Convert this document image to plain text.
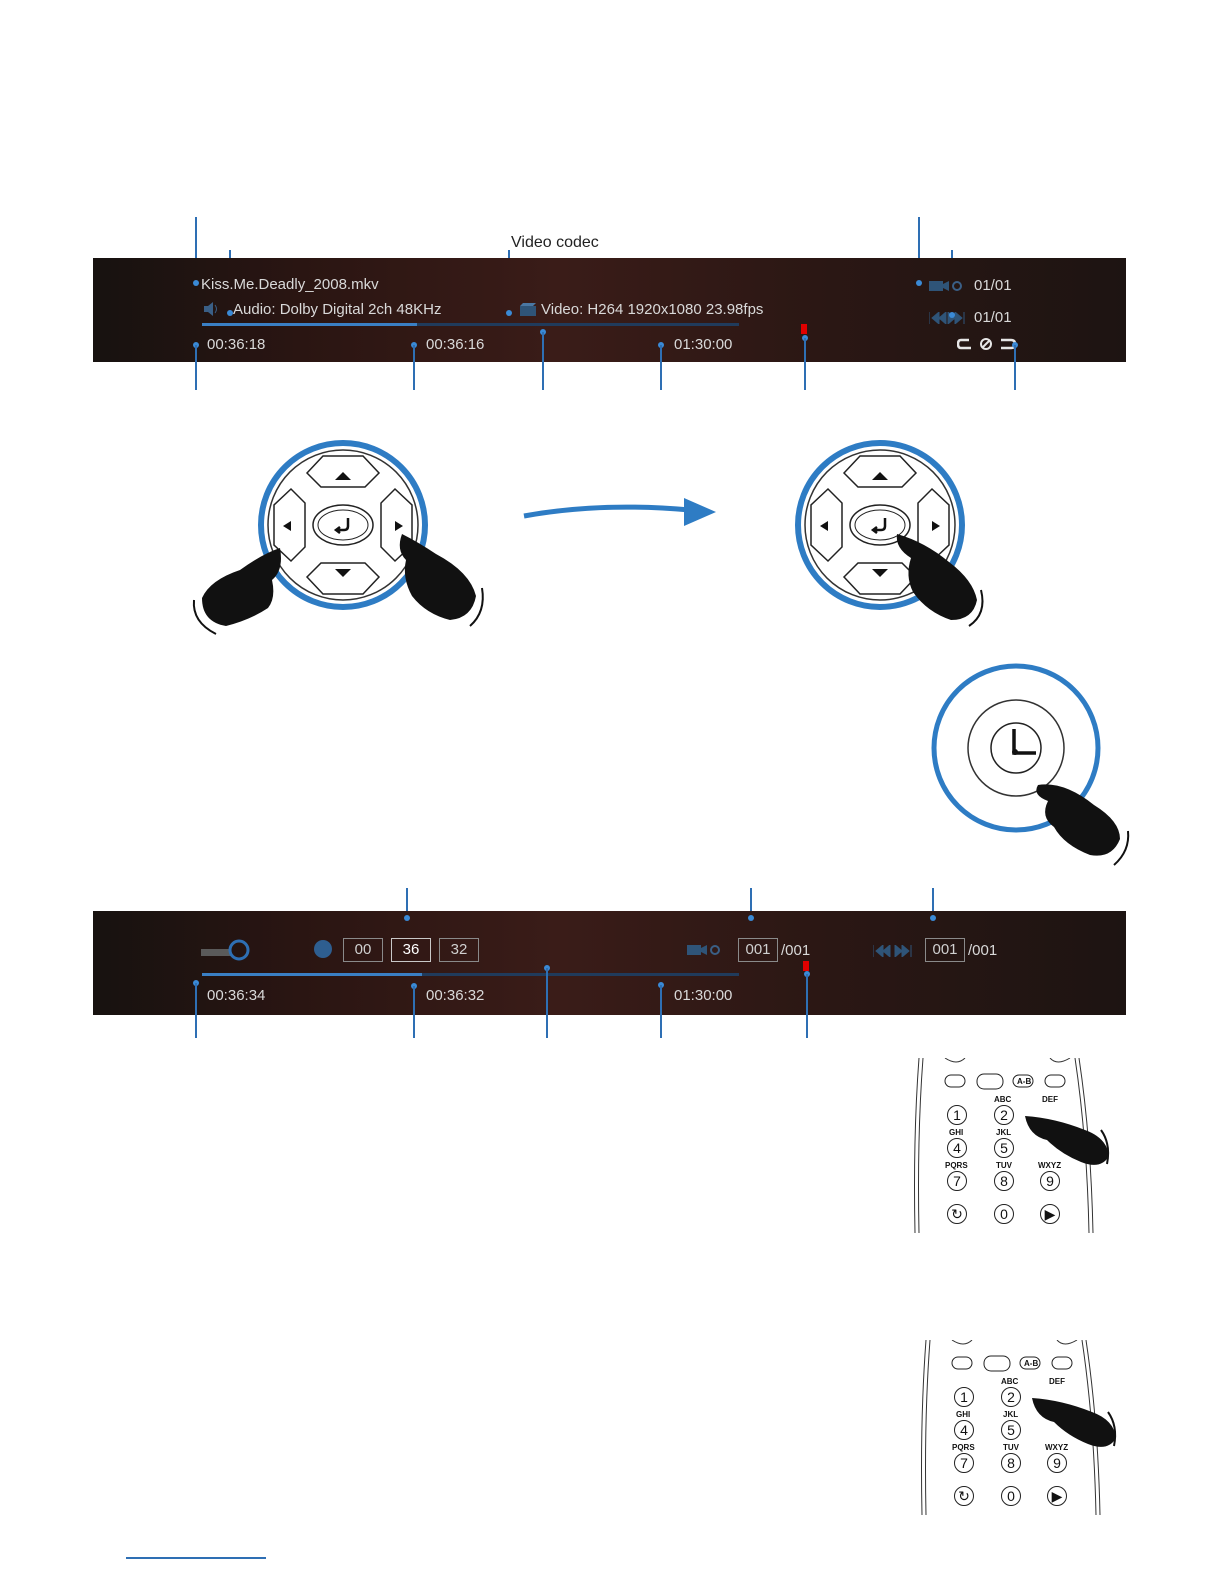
Video codec
Kiss.Me.Deadly_2008.mkv
Audio: Dolby Digital 2ch 48KHz	Video: H264 1920x1080 23.98fps
00:36:18	00:36:16	01:30:00
01/01
01/01
00	36	32	001 /001	001 /001
00:36:34	00:36:32	01:30:00
A-B
1	2
4	5
7	8	9
0
↻	▶
ABC	DEF
GHI	JKL
PQRS	TUV	WXYZ
A-B
1	2
4	5
7	8	9
0
↻	▶
ABC	DEF
GHI	JKL
PQRS	TUV	WXYZ
